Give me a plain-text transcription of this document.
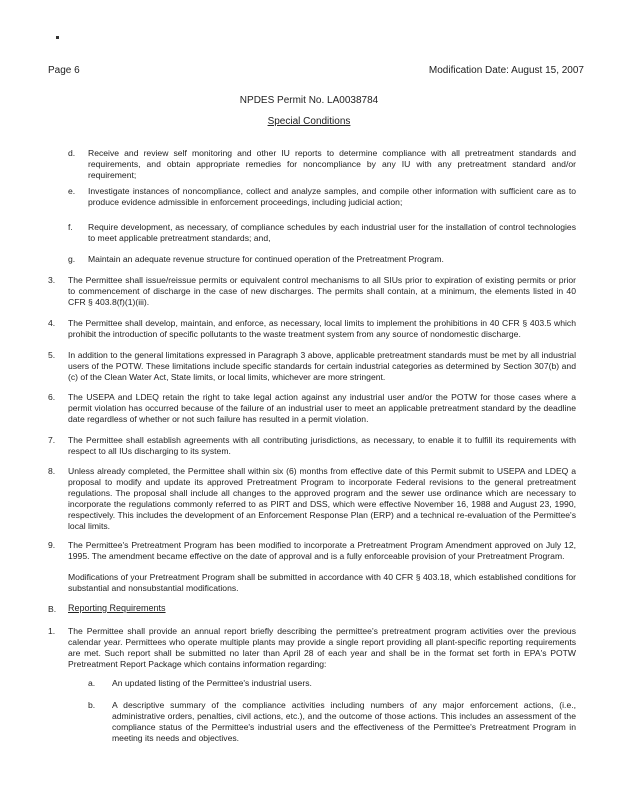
Page 6	Modification Date: August 15, 2007
NPDES Permit No. LA0038784
Special Conditions
d. Receive and review self monitoring and other IU reports to determine compliance with all pretreatment standards and requirements, and obtain appropriate remedies for noncompliance by any IU with any pretreatment standard and/or requirement;
e. Investigate instances of noncompliance, collect and analyze samples, and compile other information with sufficient care as to produce evidence admissible in enforcement proceedings, including judicial action;
f. Require development, as necessary, of compliance schedules by each industrial user for the installation of control technologies to meet applicable pretreatment standards; and,
g. Maintain an adequate revenue structure for continued operation of the Pretreatment Program.
3. The Permittee shall issue/reissue permits or equivalent control mechanisms to all SIUs prior to expiration of existing permits or prior to commencement of discharge in the case of new discharges. The permits shall contain, at a minimum, the elements listed in 40 CFR § 403.8(f)(1)(iii).
4. The Permittee shall develop, maintain, and enforce, as necessary, local limits to implement the prohibitions in 40 CFR § 403.5 which prohibit the introduction of specific pollutants to the waste treatment system from any source of nondomestic discharge.
5. In addition to the general limitations expressed in Paragraph 3 above, applicable pretreatment standards must be met by all industrial users of the POTW. These limitations include specific standards for certain industrial categories as determined by Section 307(b) and (c) of the Clean Water Act, State limits, or local limits, whichever are more stringent.
6. The USEPA and LDEQ retain the right to take legal action against any industrial user and/or the POTW for those cases where a permit violation has occurred because of the failure of an industrial user to meet an applicable pretreatment standard by the deadline date regardless of whether or not such failure has resulted in a permit violation.
7. The Permittee shall establish agreements with all contributing jurisdictions, as necessary, to enable it to fulfill its requirements with respect to all IUs discharging to its system.
8. Unless already completed, the Permittee shall within six (6) months from effective date of this Permit submit to USEPA and LDEQ a proposal to modify and update its approved Pretreatment Program to incorporate Federal revisions to the general pretreatment regulations. The proposal shall include all changes to the approved program and the sewer use ordinance which are necessary to incorporate the regulations commonly referred to as PIRT and DSS, which were effective November 16, 1988 and August 23, 1990, respectively. This includes the development of an Enforcement Response Plan (ERP) and a technical re-evaluation of the Permittee's local limits.
9. The Permittee's Pretreatment Program has been modified to incorporate a Pretreatment Program Amendment approved on July 12, 1995. The amendment became effective on the date of approval and is a fully enforceable provision of your Pretreatment Program.
Modifications of your Pretreatment Program shall be submitted in accordance with 40 CFR § 403.18, which established conditions for substantial and nonsubstantial modifications.
B. Reporting Requirements
1. The Permittee shall provide an annual report briefly describing the permittee's pretreatment program activities over the previous calendar year. Permittees who operate multiple plants may provide a single report providing all plant-specific reporting requirements are met. Such report shall be submitted no later than April 28 of each year and shall be in the format set forth in EPA's POTW Pretreatment Report Package which contains information regarding:
a. An updated listing of the Permittee's industrial users.
b. A descriptive summary of the compliance activities including numbers of any major enforcement actions, (i.e., administrative orders, penalties, civil actions, etc.), and the outcome of those actions. This includes an assessment of the compliance status of the Permittee's industrial users and the effectiveness of the Permittee's Pretreatment Program in meeting its needs and objectives.
